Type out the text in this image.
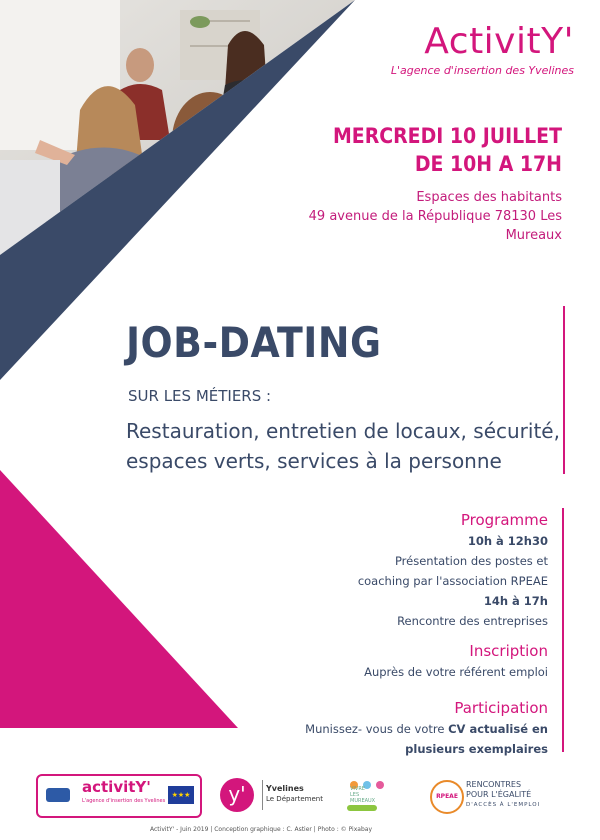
ActivitY'
L'agence d'insertion des Yvelines
MERCREDI 10 JUILLET
DE 10H A 17H
Espaces des habitants
49 avenue de la République 78130 Les Mureaux
JOB-DATING
SUR LES MÉTIERS :
Restauration, entretien de locaux, sécurité,
espaces verts, services à la personne
Programme
10h à 12h30
Présentation des postes et
coaching par l'association RPEAE
14h à 17h
Rencontre des entreprises
Inscription
Auprès de votre référent emploi
Participation
Munissez- vous de votre CV actualisé en
plusieurs exemplaires
activitY'
L'agence d'insertion des Yvelines
★★★	y'	Yvelines
Le Département

VIVRE
LES
MUREAUX
RPEAE
RENCONTRES
POUR L'ÉGALITÉ
D'ACCÈS À L'EMPLOI
ActivitY' - Juin 2019 | Conception graphique : C. Astier | Photo : © Pixabay
